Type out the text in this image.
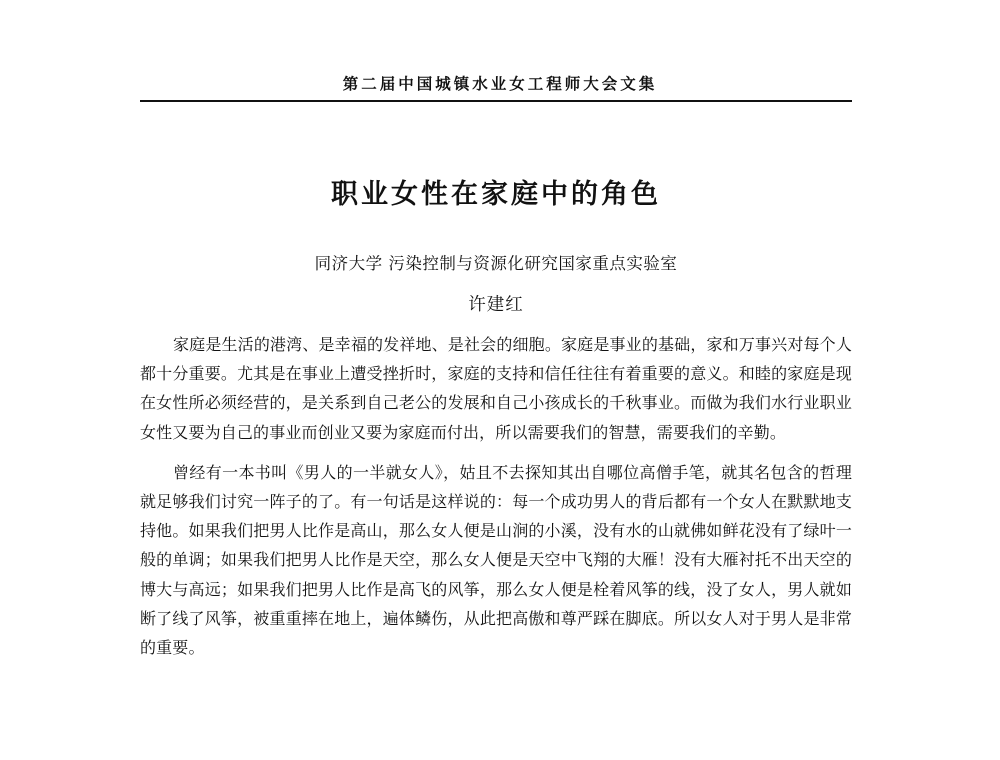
第二届中国城镇水业女工程师大会文集
职业女性在家庭中的角色
同济大学 污染控制与资源化研究国家重点实验室
许建红

家庭是生活的港湾、是幸福的发祥地、是社会的细胞。家庭是事业的基础，家和万事兴对每个人都十分重要。尤其是在事业上遭受挫折时，家庭的支持和信任往往有着重要的意义。和睦的家庭是现在女性所必须经营的，是关系到自己老公的发展和自己小孩成长的千秋事业。而做为我们水行业职业女性又要为自己的事业而创业又要为家庭而付出，所以需要我们的智慧，需要我们的辛勤。

曾经有一本书叫《男人的一半就女人》，姑且不去探知其出自哪位高僧手笔，就其名包含的哲理就足够我们讨究一阵子的了。有一句话是这样说的：每一个成功男人的背后都有一个女人在默默地支持他。如果我们把男人比作是高山，那么女人便是山涧的小溪，没有水的山就佛如鲜花没有了绿叶一般的单调；如果我们把男人比作是天空，那么女人便是天空中飞翔的大雁！没有大雁衬托不出天空的博大与高远；如果我们把男人比作是高飞的风筝，那么女人便是栓着风筝的线，没了女人，男人就如断了线了风筝，被重重摔在地上，遍体鳞伤，从此把高傲和尊严踩在脚底。所以女人对于男人是非常的重要。
